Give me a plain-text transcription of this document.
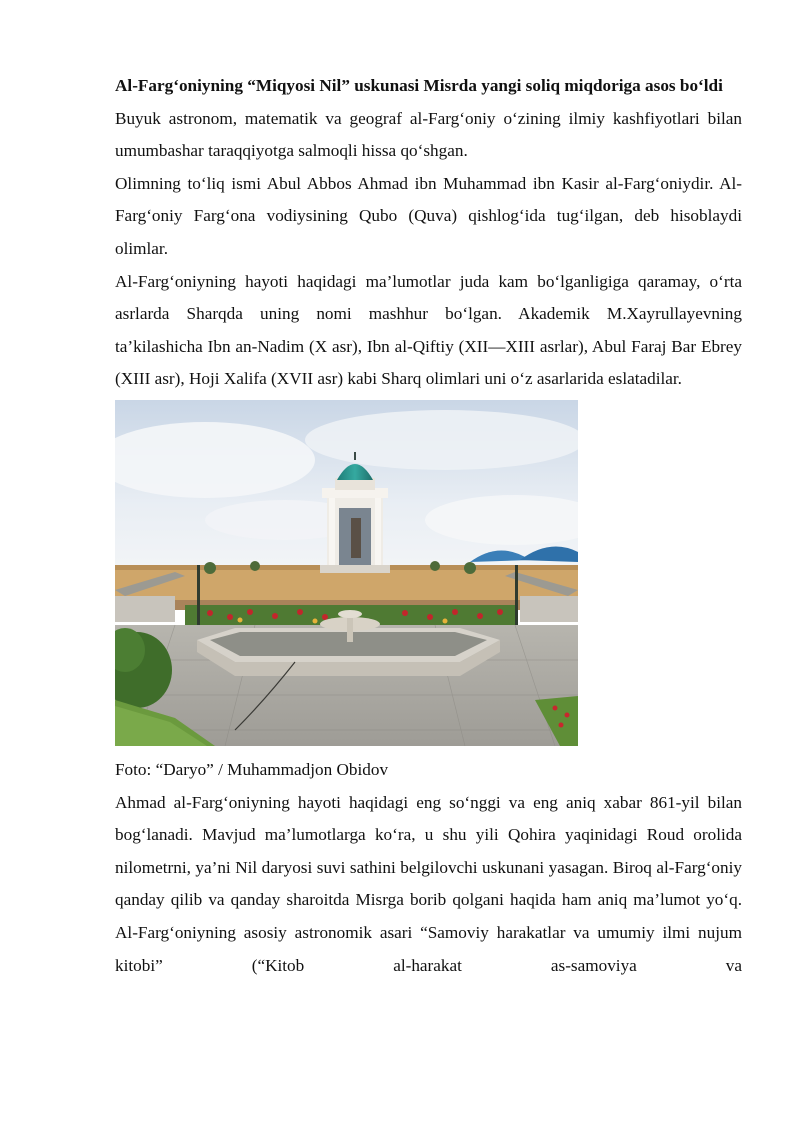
Al-Farg‘oniyning “Miqyosi Nil” uskunasi Misrda yangi soliq miqdoriga asos bo‘ldi

Buyuk astronom, matematik va geograf al-Farg‘oniy o‘zining ilmiy kashfiyotlari bilan umumbashar taraqqiyotga salmoqli hissa qo‘shgan.

Olimning to‘liq ismi Abul Abbos Ahmad ibn Muhammad ibn Kasir al-Farg‘oniydir. Al-Farg‘oniy Farg‘ona vodiysining Qubo (Quva) qishlog‘ida tug‘ilgan, deb hisoblaydi olimlar.

Al-Farg‘oniyning hayoti haqidagi ma’lumotlar juda kam bo‘lganligiga qaramay, o‘rta asrlarda Sharqda uning nomi mashhur bo‘lgan. Akademik M.Xayrullayevning ta’kilashicha Ibn an-Nadim (X asr), Ibn al-Qiftiy (XII—XIII asrlar), Abul Faraj Bar Ebrey (XIII asr), Hoji Xalifa (XVII asr) kabi Sharq olimlari uni o‘z asarlarida eslatadilar.

Foto: “Daryo” / Muhammadjon Obidov

Ahmad al-Farg‘oniyning hayoti haqidagi eng so‘nggi va eng aniq xabar 861-yil bilan bog‘lanadi. Mavjud ma’lumotlarga ko‘ra, u shu yili Qohira yaqinidagi Roud orolida nilometrni, ya’ni Nil daryosi suvi sathini belgilovchi uskunani yasagan. Biroq al-Farg‘oniy qanday qilib va qanday sharoitda Misrga borib qolgani haqida ham aniq ma’lumot yo‘q. Al-Farg‘oniyning asosiy astronomik asari “Samoviy harakatlar va umumiy ilmi nujum kitobi” (“Kitob al-harakat as-samoviya va
